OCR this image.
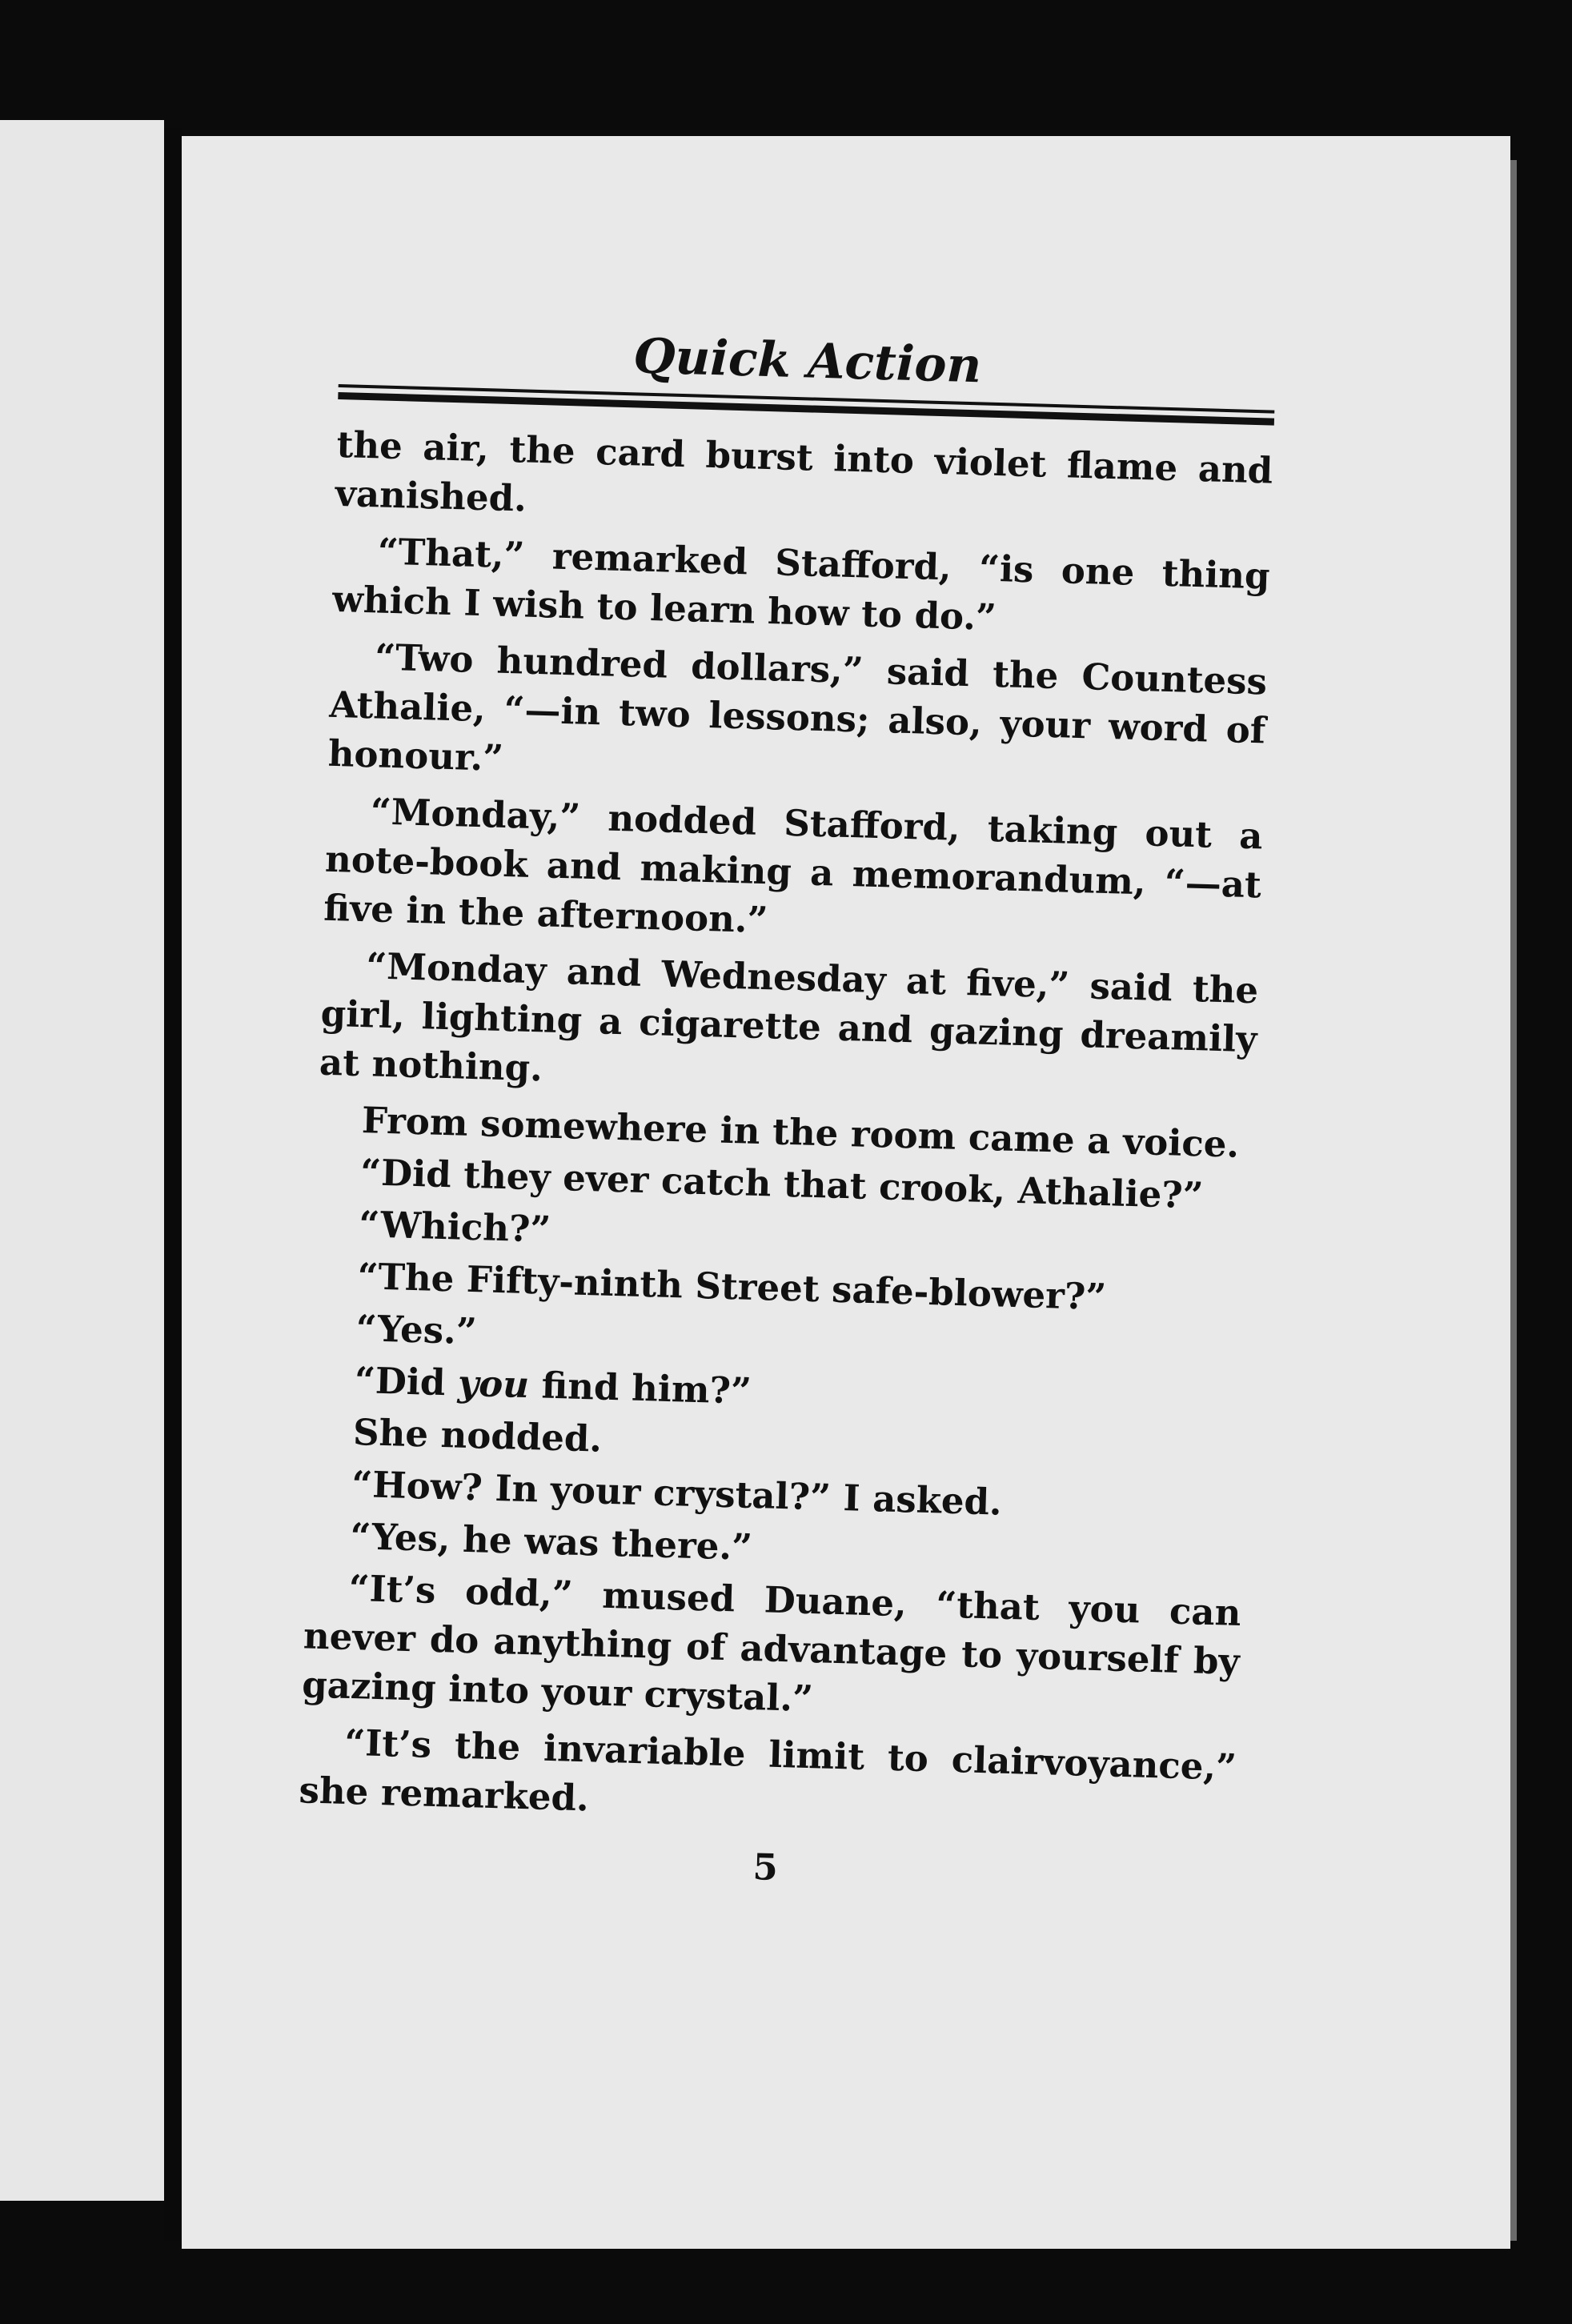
Quick Action

the air, the card burst into violet flame and vanished.

“That,” remarked Stafford, “is one thing which I wish to learn how to do.”

“Two hundred dollars,” said the Countess Athalie, “—in two lessons; also, your word of honour.”

“Monday,” nodded Stafford, taking out a note-book and making a memorandum, “—at five in the afternoon.”

“Monday and Wednesday at five,” said the girl, lighting a cigarette and gazing dreamily at nothing.

From somewhere in the room came a voice.

“Did they ever catch that crook, Athalie?”

“Which?”

“The Fifty-ninth Street safe-blower?”

“Yes.”

“Did you find him?”

She nodded.

“How? In your crystal?” I asked.

“Yes, he was there.”

“It’s odd,” mused Duane, “that you can never do anything of advantage to yourself by gazing into your crystal.”

“It’s the invariable limit to clairvoyance,” she remarked.

5
